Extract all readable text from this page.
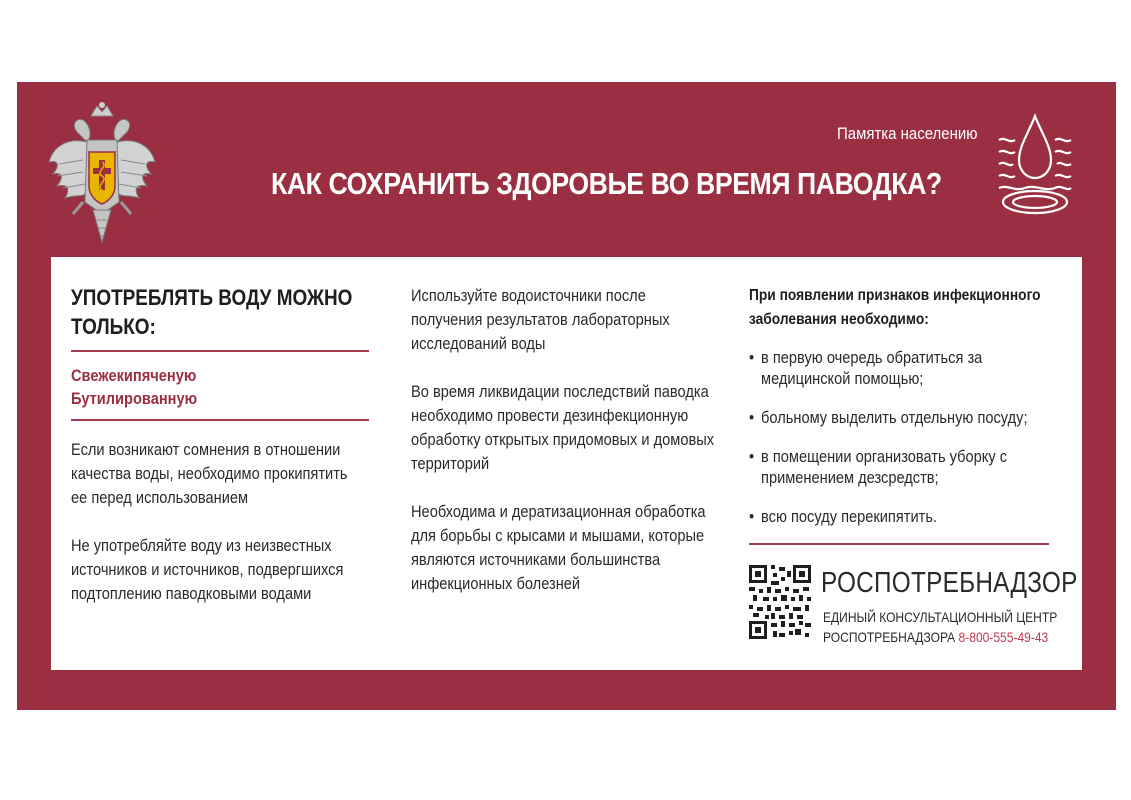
Памятка населению
КАК СОХРАНИТЬ ЗДОРОВЬЕ ВО ВРЕМЯ ПАВОДКА?
УПОТРЕБЛЯТЬ ВОДУ МОЖНО ТОЛЬКО:
Свежекипяченую
Бутилированную
Если возникают сомнения в отношении качества воды, необходимо прокипятить ее перед использованием
Не употребляйте воду из неизвестных источников и источников, подвергшихся подтоплению паводковыми водами
Используйте водоисточники после получения результатов лабораторных исследований воды
Во время ликвидации последствий паводка необходимо провести дезинфекционную обработку открытых придомовых и домовых территорий
Необходима и дератизационная обработка для борьбы с крысами и мышами, которые являются источниками большинства инфекционных болезней
При появлении признаков инфекционного заболевания необходимо:
• в первую очередь обратиться за медицинской помощью;
• больному выделить отдельную посуду;
• в помещении организовать уборку с применением дезсредств;
• всю посуду перекипятить.
РОСПОТРЕБНАДЗОР
ЕДИНЫЙ КОНСУЛЬТАЦИОННЫЙ ЦЕНТР
РОСПОТРЕБНАДЗОРА 8-800-555-49-43
